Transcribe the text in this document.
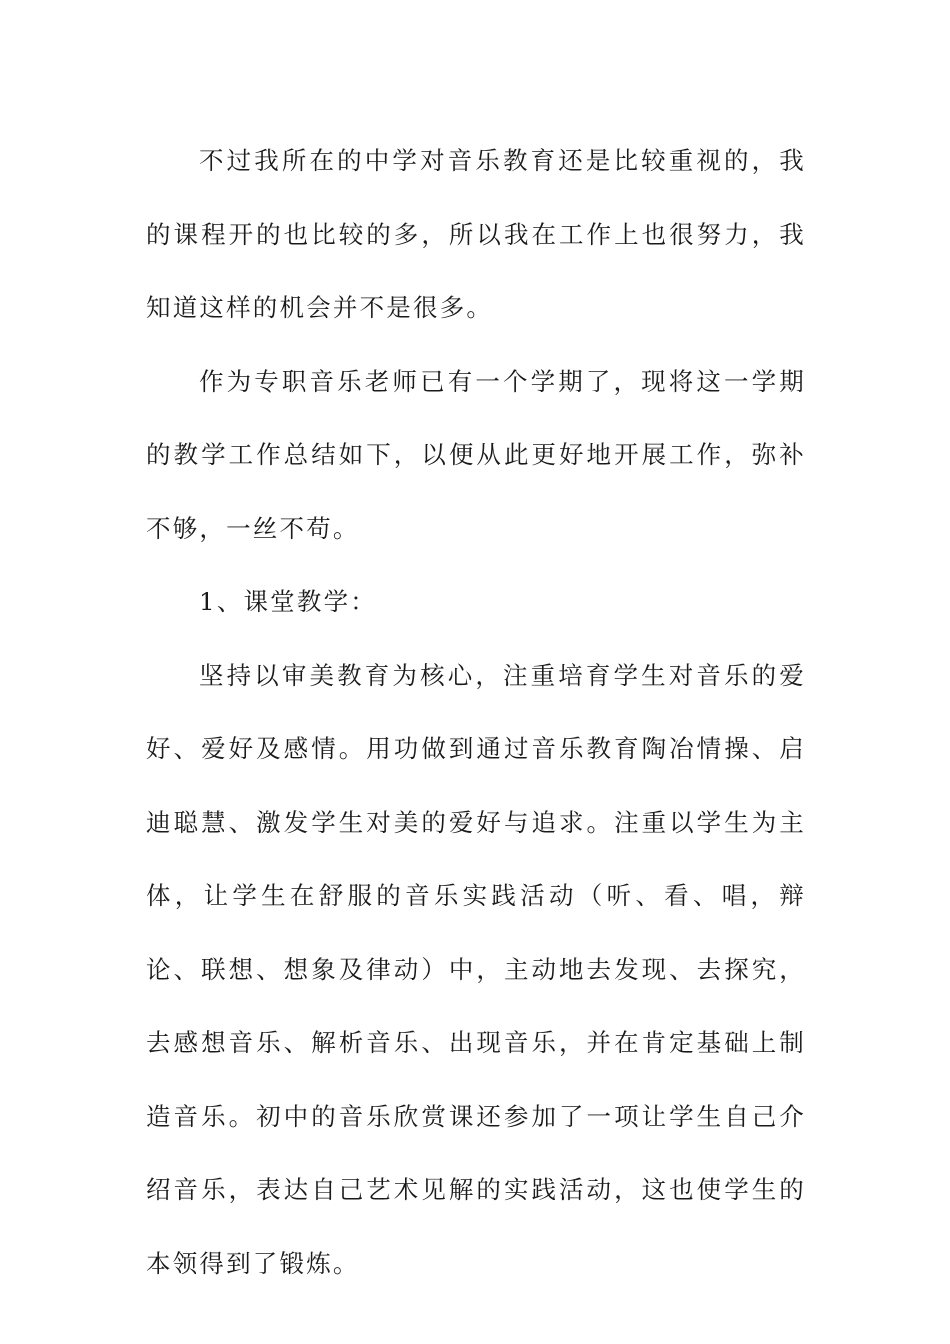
不过我所在的中学对音乐教育还是比较重视的，我的课程开的也比较的多，所以我在工作上也很努力，我知道这样的机会并不是很多。

作为专职音乐老师已有一个学期了，现将这一学期的教学工作总结如下，以便从此更好地开展工作，弥补不够，一丝不苟。

1、课堂教学：

坚持以审美教育为核心，注重培育学生对音乐的爱好、爱好及感情。用功做到通过音乐教育陶冶情操、启迪聪慧、激发学生对美的爱好与追求。注重以学生为主体，让学生在舒服的音乐实践活动（听、看、唱，辩论、联想、想象及律动）中，主动地去发现、去探究，去感想音乐、解析音乐、出现音乐，并在肯定基础上制造音乐。初中的音乐欣赏课还参加了一项让学生自己介绍音乐，表达自己艺术见解的实践活动，这也使学生的本领得到了锻炼。
